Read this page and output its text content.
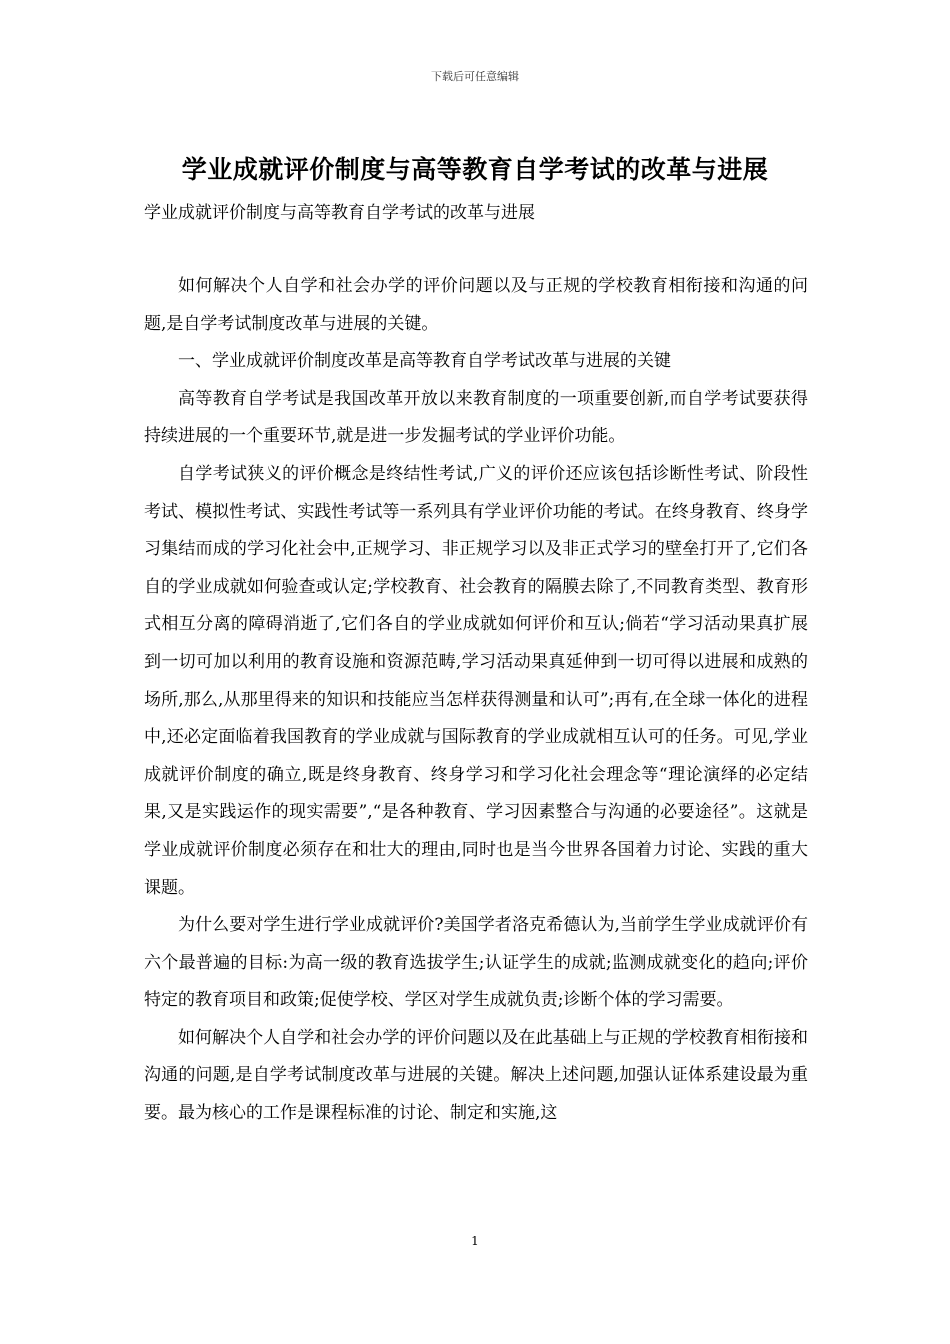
下载后可任意编辑
学业成就评价制度与高等教育自学考试的改革与进展

学业成就评价制度与高等教育自学考试的改革与进展

如何解决个人自学和社会办学的评价问题以及与正规的学校教育相衔接和沟通的问题,是自学考试制度改革与进展的关键。

一、学业成就评价制度改革是高等教育自学考试改革与进展的关键

高等教育自学考试是我国改革开放以来教育制度的一项重要创新,而自学考试要获得持续进展的一个重要环节,就是进一步发掘考试的学业评价功能。

自学考试狭义的评价概念是终结性考试,广义的评价还应该包括诊断性考试、阶段性考试、模拟性考试、实践性考试等一系列具有学业评价功能的考试。在终身教育、终身学习集结而成的学习化社会中,正规学习、非正规学习以及非正式学习的壁垒打开了,它们各自的学业成就如何验查或认定;学校教育、社会教育的隔膜去除了,不同教育类型、教育形式相互分离的障碍消逝了,它们各自的学业成就如何评价和互认;倘若“学习活动果真扩展到一切可加以利用的教育设施和资源范畴,学习活动果真延伸到一切可得以进展和成熟的场所,那么,从那里得来的知识和技能应当怎样获得测量和认可”;再有,在全球一体化的进程中,还必定面临着我国教育的学业成就与国际教育的学业成就相互认可的任务。可见,学业成就评价制度的确立,既是终身教育、终身学习和学习化社会理念等“理论演绎的必定结果,又是实践运作的现实需要”,“是各种教育、学习因素整合与沟通的必要途径”。这就是学业成就评价制度必须存在和壮大的理由,同时也是当今世界各国着力讨论、实践的重大课题。

为什么要对学生进行学业成就评价?美国学者洛克希德认为,当前学生学业成就评价有六个最普遍的目标:为高一级的教育选拔学生;认证学生的成就;监测成就变化的趋向;评价特定的教育项目和政策;促使学校、学区对学生成就负责;诊断个体的学习需要。

如何解决个人自学和社会办学的评价问题以及在此基础上与正规的学校教育相衔接和沟通的问题,是自学考试制度改革与进展的关键。解决上述问题,加强认证体系建设最为重要。最为核心的工作是课程标准的讨论、制定和实施,这

1
